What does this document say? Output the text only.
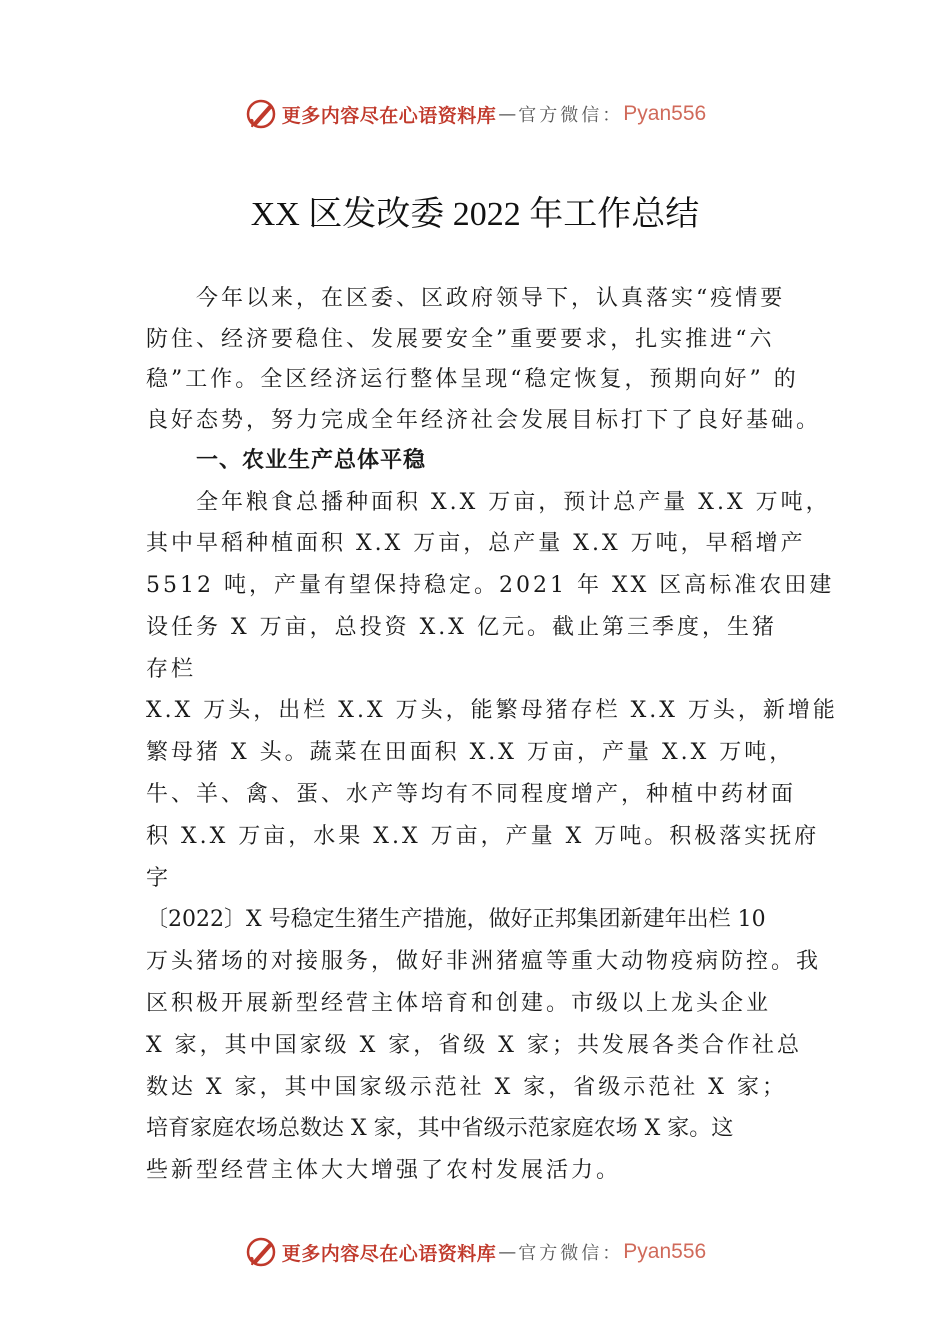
更多内容尽在心语资料库 — 官方微信： Pyan556
XX 区发改委 2022 年工作总结
今年以来，在区委、区政府领导下，认真落实“疫情要
防住、经济要稳住、发展要安全”重要要求，扎实推进“六
稳”工作。全区经济运行整体呈现“稳定恢复，预期向好” 的
良好态势，努力完成全年经济社会发展目标打下了良好基础。
一、农业生产总体平稳
全年粮食总播种面积 X.X 万亩，预计总产量 X.X 万吨，
其中早稻种植面积 X.X 万亩，总产量 X.X 万吨，早稻增产
5512 吨，产量有望保持稳定。2021 年 XX 区高标准农田建
设任务 X 万亩，总投资 X.X 亿元。截止第三季度，生猪
存栏
X.X 万头，出栏 X.X 万头，能繁母猪存栏 X.X 万头，新增能
繁母猪 X 头。蔬菜在田面积 X.X 万亩，产量 X.X 万吨，
牛、羊、禽、蛋、水产等均有不同程度增产，种植中药材面
积 X.X 万亩，水果 X.X 万亩，产量 X 万吨。积极落实抚府
字
〔2022〕X 号稳定生猪生产措施，做好正邦集团新建年出栏 10
万头猪场的对接服务，做好非洲猪瘟等重大动物疫病防控。我
区积极开展新型经营主体培育和创建。市级以上龙头企业
X 家，其中国家级 X 家，省级 X 家；共发展各类合作社总
数达 X 家，其中国家级示范社 X 家，省级示范社 X 家；
培育家庭农场总数达 X 家，其中省级示范家庭农场 X 家。这
些新型经营主体大大增强了农村发展活力。
更多内容尽在心语资料库 — 官方微信： Pyan556
